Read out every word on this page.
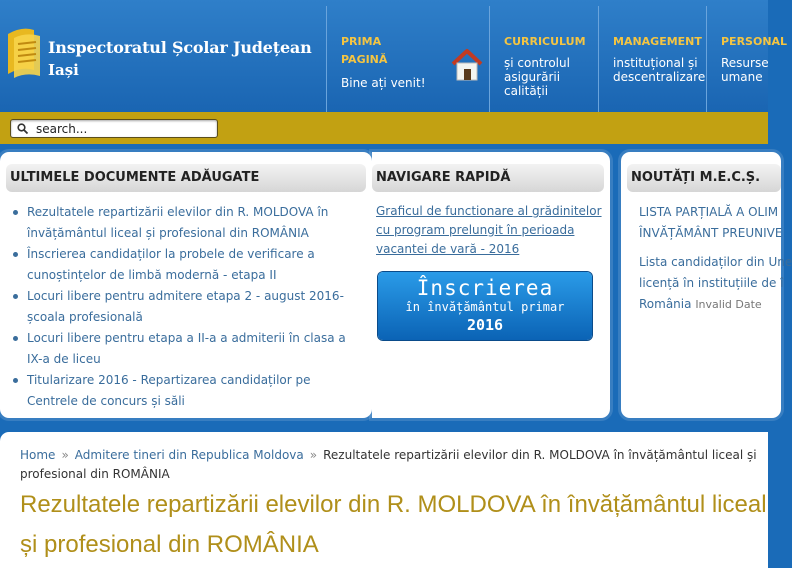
Inspectoratul Școlar Județean
Iași
PRIMA
PAGINĂ
Bine ați venit!
CURRICULUM
și controlul asigurării calității
MANAGEMENT
instituțional și descentralizare
PERSONAL
Resurse umane
search...
ULTIMELE DOCUMENTE ADĂUGATE
Rezultatele repartizării elevilor din R. MOLDOVA în învățământul liceal și profesional din ROMÂNIA
Înscrierea candidaților la probele de verificare a cunoștințelor de limbă modernă - etapa II
Locuri libere pentru admitere etapa 2 - august 2016- școala profesională
Locuri libere pentru etapa a II-a a admiterii în clasa a IX-a de liceu
Titularizare 2016 - Repartizarea candidaților pe Centrele de concurs și săli
NAVIGARE RAPIDĂ
Graficul de functionare al grădinitelor cu program prelungit în perioada vacantei de vară - 2016
Înscrierea
în învățământul primar
2016
NOUTĂȚI M.E.C.Ș.
LISTA PARȚIALĂ A OLIM
ÎNVĂȚĂMÂNT PREUNIVE
Lista candidaților din Une
licență în instituțiile de î
România Invalid Date
Home » Admitere tineri din Republica Moldova » Rezultatele repartizării elevilor din R. MOLDOVA în învățământul liceal și profesional din ROMÂNIA
Rezultatele repartizării elevilor din R. MOLDOVA în învățământul liceal și profesional din ROMÂNIA
